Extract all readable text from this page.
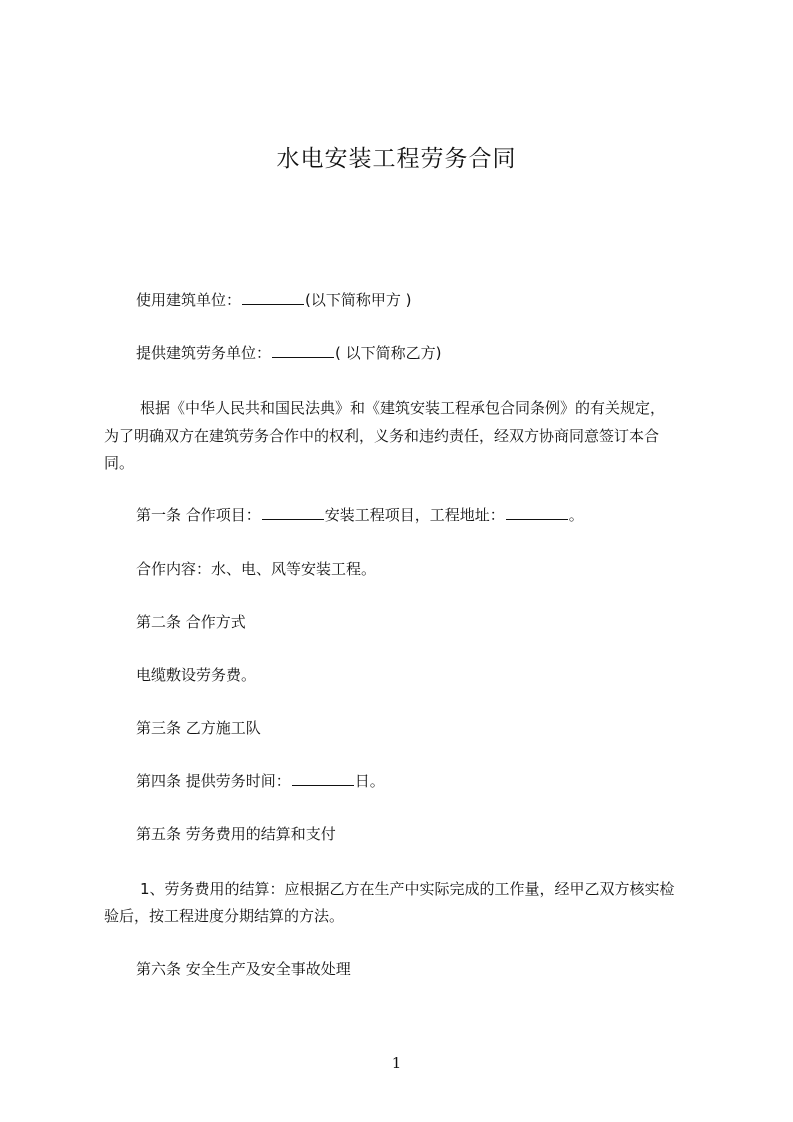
水电安装工程劳务合同
使用建筑单位：	(以下简称甲方 )
提供建筑劳务单位：	( 以下简称乙方)
根据《中华人民共和国民法典》和《建筑安装工程承包合同条例》的有关规定，
为了明确双方在建筑劳务合作中的权利，义务和违约责任，经双方协商同意签订本合
同。
第一条 合作项目：	安装工程项目，工程地址：	。
合作内容：水、电、风等安装工程。
第二条 合作方式
电缆敷设劳务费。
第三条 乙方施工队
第四条 提供劳务时间：	日。
第五条 劳务费用的结算和支付
1、劳务费用的结算：应根据乙方在生产中实际完成的工作量，经甲乙双方核实检
验后，按工程进度分期结算的方法。
第六条 安全生产及安全事故处理
1
